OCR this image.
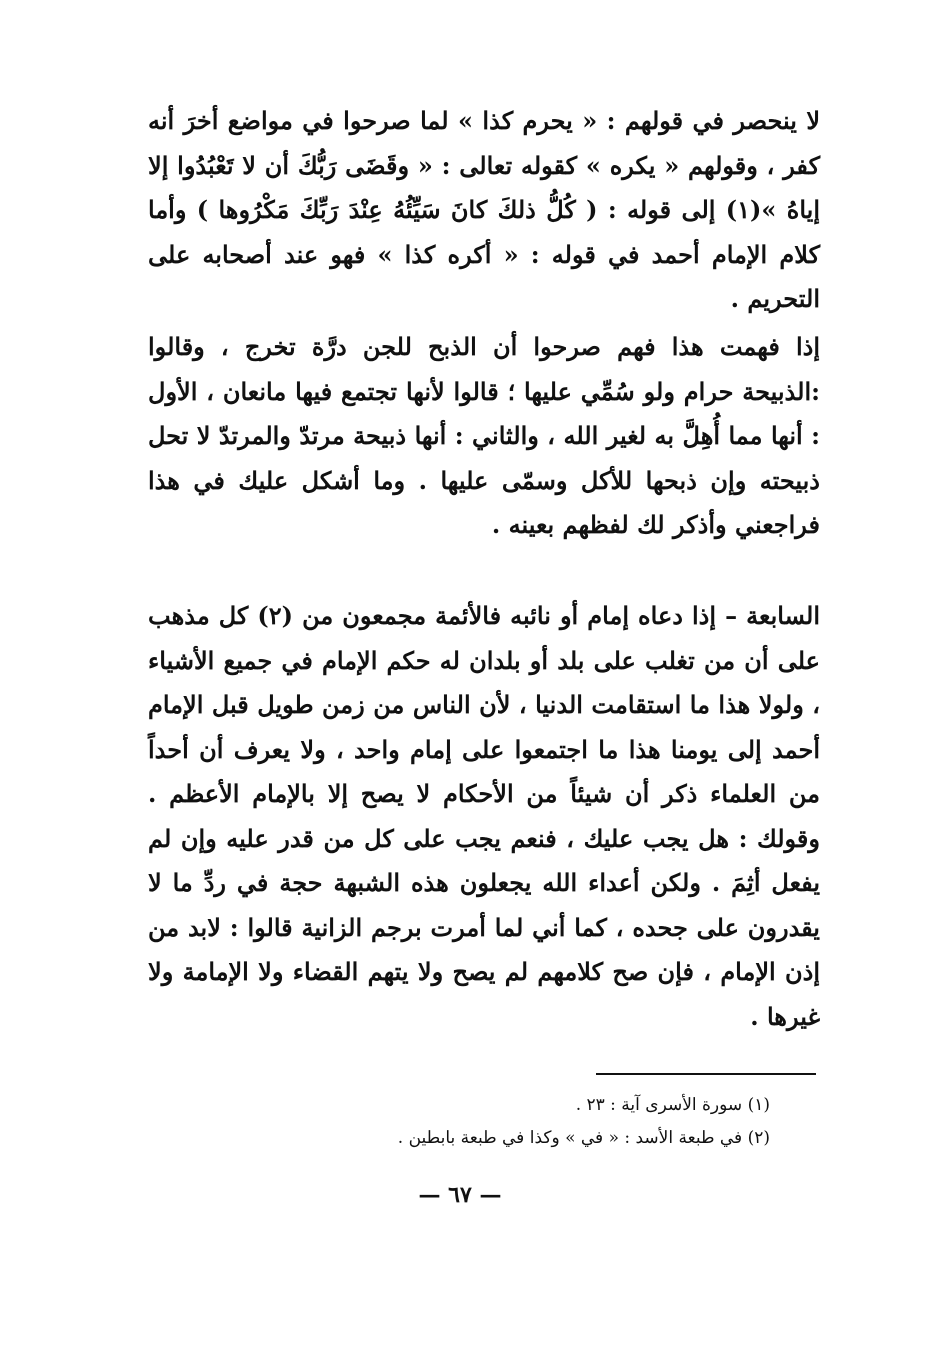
لا ينحصر في قولهم : « يحرم كذا » لما صرحوا في مواضع أخرَ أنه كفر ، وقولهم « يكره » كقوله تعالى : « وقَضَى رَبُّكَ أن لا تَعْبُدُوا إلا إياهُ »(١) إلى قوله : ( كُلُّ ذلكَ كانَ سَيِّئُهُ عِنْدَ رَبِّكَ مَكْرُوها ) وأما كلام الإمام أحمد في قوله : « أكره كذا » فهو عند أصحابه على التحريم .

إذا فهمت هذا فهم صرحوا أن الذبح للجن درَّة تخرج ، وقالوا :الذبيحة حرام ولو سُمِّي عليها ؛ قالوا لأنها تجتمع فيها مانعان ، الأول : أنها مما أُهِلَّ به لغير الله ، والثاني : أنها ذبيحة مرتدّ والمرتدّ لا تحل ذبيحته وإن ذبحها للأكل وسمّى عليها . وما أشكل عليك في هذا فراجعني وأذكر لك لفظهم بعينه .

السابعة – إذا دعاه إمام أو نائبه فالأئمة مجمعون من (٢) كل مذهب على أن من تغلب على بلد أو بلدان له حكم الإمام في جميع الأشياء ، ولولا هذا ما استقامت الدنيا ، لأن الناس من زمن طويل قبل الإمام أحمد إلى يومنا هذا ما اجتمعوا على إمام واحد ، ولا يعرف أن أحداً من العلماء ذكر أن شيئاً من الأحكام لا يصح إلا بالإمام الأعظم . وقولك : هل يجب عليك ، فنعم يجب على كل من قدر عليه وإن لم يفعل أثِمَ . ولكن أعداء الله يجعلون هذه الشبهة حجة في ردِّ ما لا يقدرون على جحده ، كما أني لما أمرت برجم الزانية قالوا : لابد من إذن الإمام ، فإن صح كلامهم لم يصح ولا يتهم القضاء ولا الإمامة ولا غيرها .

(١) سورة الأسرى آية : ٢٣ .
(٢) في طبعة الأسد : « في » وكذا في طبعة بابطين .
— ٦٧ —
